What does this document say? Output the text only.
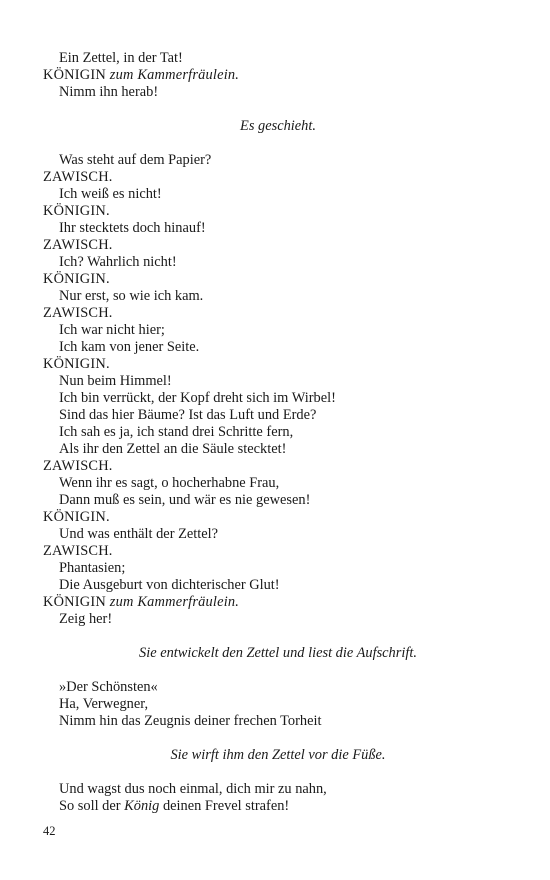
Ein Zettel, in der Tat!
KÖNIGIN zum Kammerfräulein.
Nimm ihn herab!
Es geschieht.
Was steht auf dem Papier?
ZAWISCH.
Ich weiß es nicht!
KÖNIGIN.
Ihr stecktets doch hinauf!
ZAWISCH.
Ich? Wahrlich nicht!
KÖNIGIN.
Nur erst, so wie ich kam.
ZAWISCH.
Ich war nicht hier;
Ich kam von jener Seite.
KÖNIGIN.
Nun beim Himmel!
Ich bin verrückt, der Kopf dreht sich im Wirbel!
Sind das hier Bäume? Ist das Luft und Erde?
Ich sah es ja, ich stand drei Schritte fern,
Als ihr den Zettel an die Säule stecktet!
ZAWISCH.
Wenn ihr es sagt, o hocherhabne Frau,
Dann muß es sein, und wär es nie gewesen!
KÖNIGIN.
Und was enthält der Zettel?
ZAWISCH.
Phantasien;
Die Ausgeburt von dichterischer Glut!
KÖNIGIN zum Kammerfräulein.
Zeig her!
Sie entwickelt den Zettel und liest die Aufschrift.
»Der Schönsten«
Ha, Verwegner,
Nimm hin das Zeugnis deiner frechen Torheit
Sie wirft ihm den Zettel vor die Füße.
Und wagst dus noch einmal, dich mir zu nahn,
So soll der König deinen Frevel strafen!
42
